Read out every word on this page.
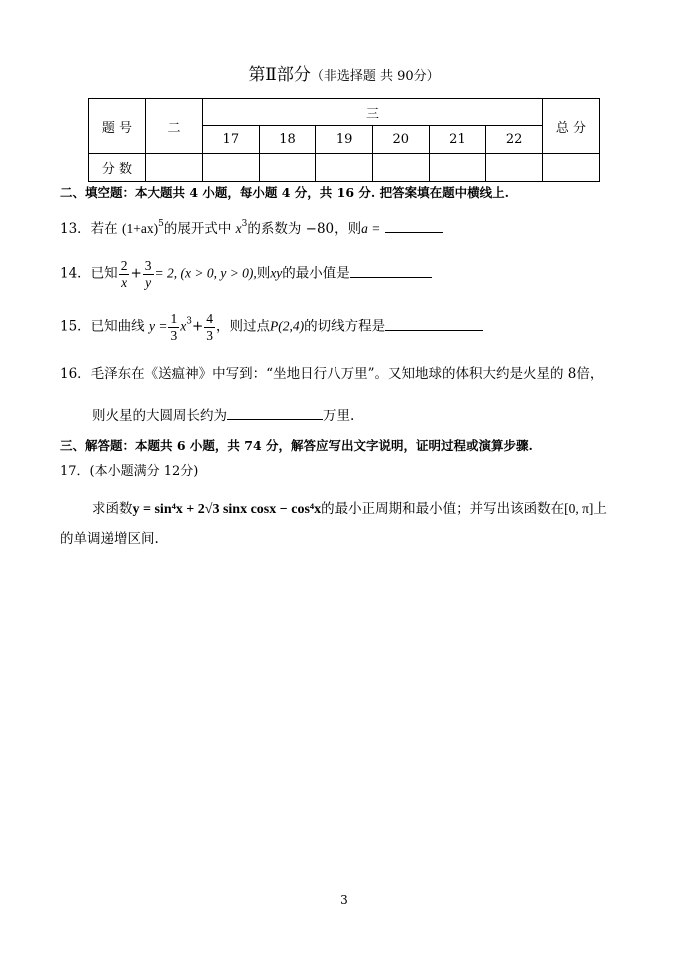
第Ⅱ部分（非选择题 共 90分）
题 号	二	三						总 分
		17	18	19	20	21	22	
分 数								
二、填空题：本大题共 4 小题，每小题 4 分，共 16 分. 把答案填在题中横线上.
13．若在 $(1+ax)^5$的展开式中 $x^3$的系数为 −80，则a =
14．已知 $\frac{2}{x} + \frac{3}{y} = 2$, (x > 0, y > 0),则xy的最小值是
15．已知曲线 $y = \frac{1}{3} x^3+ \frac{4}{3}$ ，则过点P(2,4)的切线方程是
16．毛泽东在《送瘟神》中写到：“坐地日行八万里”。又知地球的体积大约是火星的 8倍，
则火星的大圆周长约为	万里.
三、解答题：本题共 6 小题，共 74 分，解答应写出文字说明，证明过程或演算步骤.
17．(本小题满分 12分)
求函数y = sin⁴x + 2√3 sinx cosx − cos⁴x的最小正周期和最小值；并写出该函数在[0, π]上
的单调递增区间.
3
